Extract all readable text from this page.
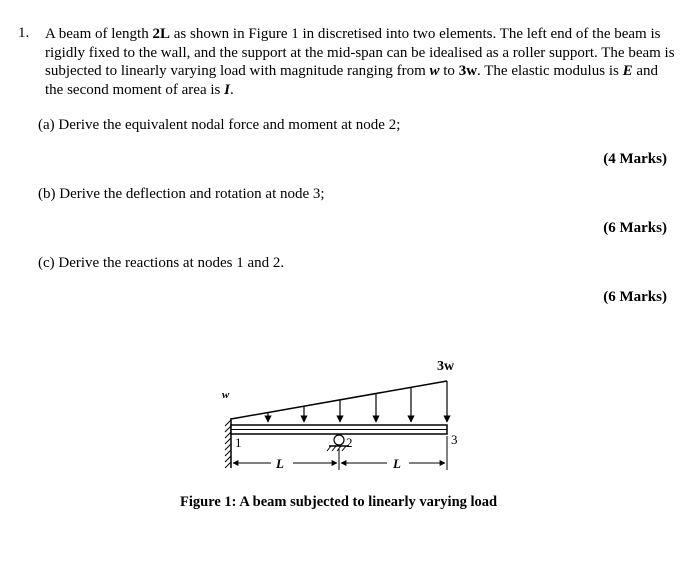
1. A beam of length 2L as shown in Figure 1 in discretised into two elements. The left end of the beam is rigidly fixed to the wall, and the support at the mid-span can be idealised as a roller support. The beam is subjected to linearly varying load with magnitude ranging from w to 3w. The elastic modulus is E and the second moment of area is I.
(a) Derive the equivalent nodal force and moment at node 2;
(4 Marks)
(b) Derive the deflection and rotation at node 3;
(6 Marks)
(c) Derive the reactions at nodes 1 and 2.
(6 Marks)
w
3w
1	2	3
L	L
Figure 1: A beam subjected to linearly varying load
